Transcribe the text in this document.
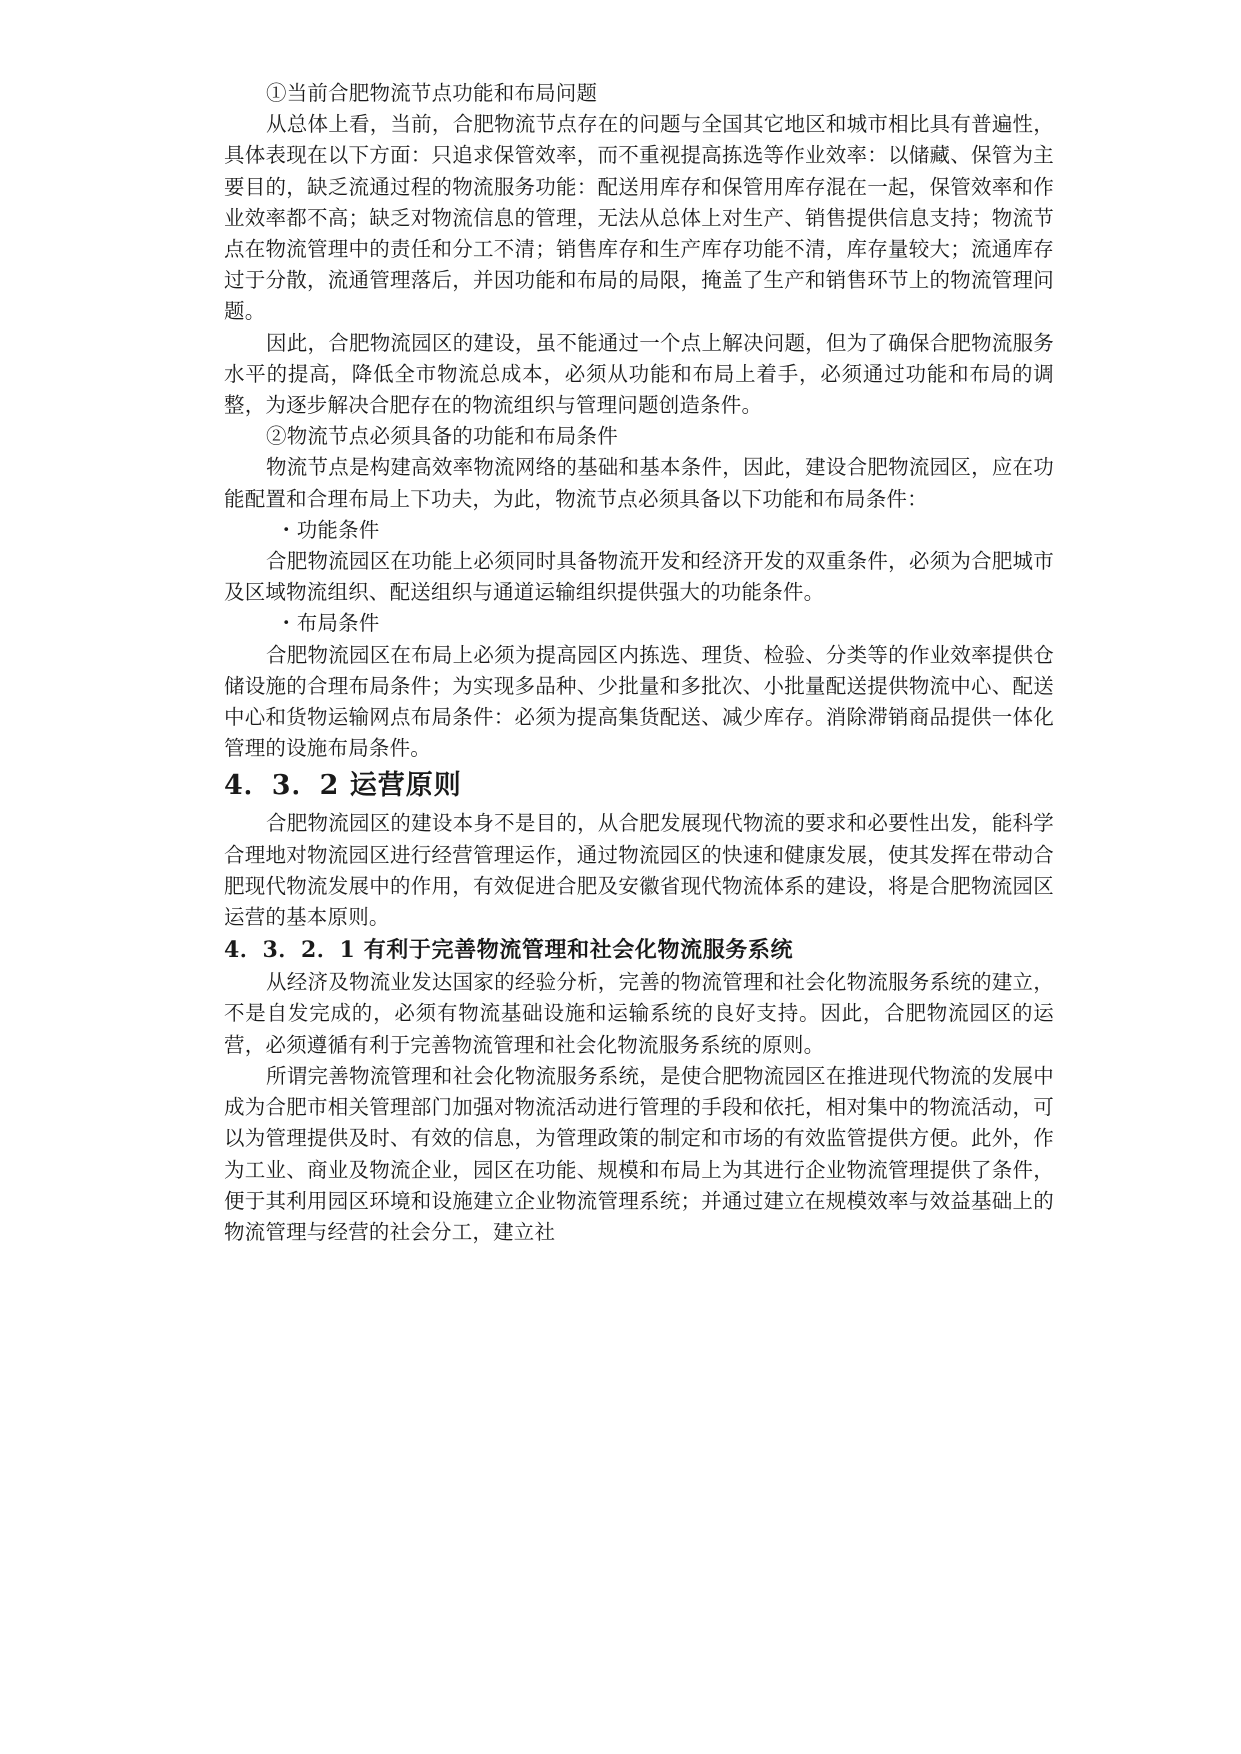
①当前合肥物流节点功能和布局问题

从总体上看，当前，合肥物流节点存在的问题与全国其它地区和城市相比具有普遍性，具体表现在以下方面：只追求保管效率，而不重视提高拣选等作业效率：以储藏、保管为主要目的，缺乏流通过程的物流服务功能：配送用库存和保管用库存混在一起，保管效率和作业效率都不高；缺乏对物流信息的管理，无法从总体上对生产、销售提供信息支持；物流节点在物流管理中的责任和分工不清；销售库存和生产库存功能不清，库存量较大；流通库存过于分散，流通管理落后，并因功能和布局的局限，掩盖了生产和销售环节上的物流管理问题。

因此，合肥物流园区的建设，虽不能通过一个点上解决问题，但为了确保合肥物流服务水平的提高，降低全市物流总成本，必须从功能和布局上着手，必须通过功能和布局的调整，为逐步解决合肥存在的物流组织与管理问题创造条件。

②物流节点必须具备的功能和布局条件

物流节点是构建高效率物流网络的基础和基本条件，因此，建设合肥物流园区，应在功能配置和合理布局上下功夫，为此，物流节点必须具备以下功能和布局条件：

・功能条件

合肥物流园区在功能上必须同时具备物流开发和经济开发的双重条件，必须为合肥城市及区域物流组织、配送组织与通道运输组织提供强大的功能条件。

・布局条件

合肥物流园区在布局上必须为提高园区内拣选、理货、检验、分类等的作业效率提供仓储设施的合理布局条件；为实现多品种、少批量和多批次、小批量配送提供物流中心、配送中心和货物运输网点布局条件：必须为提高集货配送、减少库存。消除滞销商品提供一体化管理的设施布局条件。

4．3．2 运营原则

合肥物流园区的建设本身不是目的，从合肥发展现代物流的要求和必要性出发，能科学合理地对物流园区进行经营管理运作，通过物流园区的快速和健康发展，使其发挥在带动合肥现代物流发展中的作用，有效促进合肥及安徽省现代物流体系的建设，将是合肥物流园区运营的基本原则。

4．3．2．1 有利于完善物流管理和社会化物流服务系统

从经济及物流业发达国家的经验分析，完善的物流管理和社会化物流服务系统的建立，不是自发完成的，必须有物流基础设施和运输系统的良好支持。因此，合肥物流园区的运营，必须遵循有利于完善物流管理和社会化物流服务系统的原则。

所谓完善物流管理和社会化物流服务系统，是使合肥物流园区在推进现代物流的发展中成为合肥市相关管理部门加强对物流活动进行管理的手段和依托，相对集中的物流活动，可以为管理提供及时、有效的信息，为管理政策的制定和市场的有效监管提供方便。此外，作为工业、商业及物流企业，园区在功能、规模和布局上为其进行企业物流管理提供了条件，便于其利用园区环境和设施建立企业物流管理系统；并通过建立在规模效率与效益基础上的物流管理与经营的社会分工，建立社
